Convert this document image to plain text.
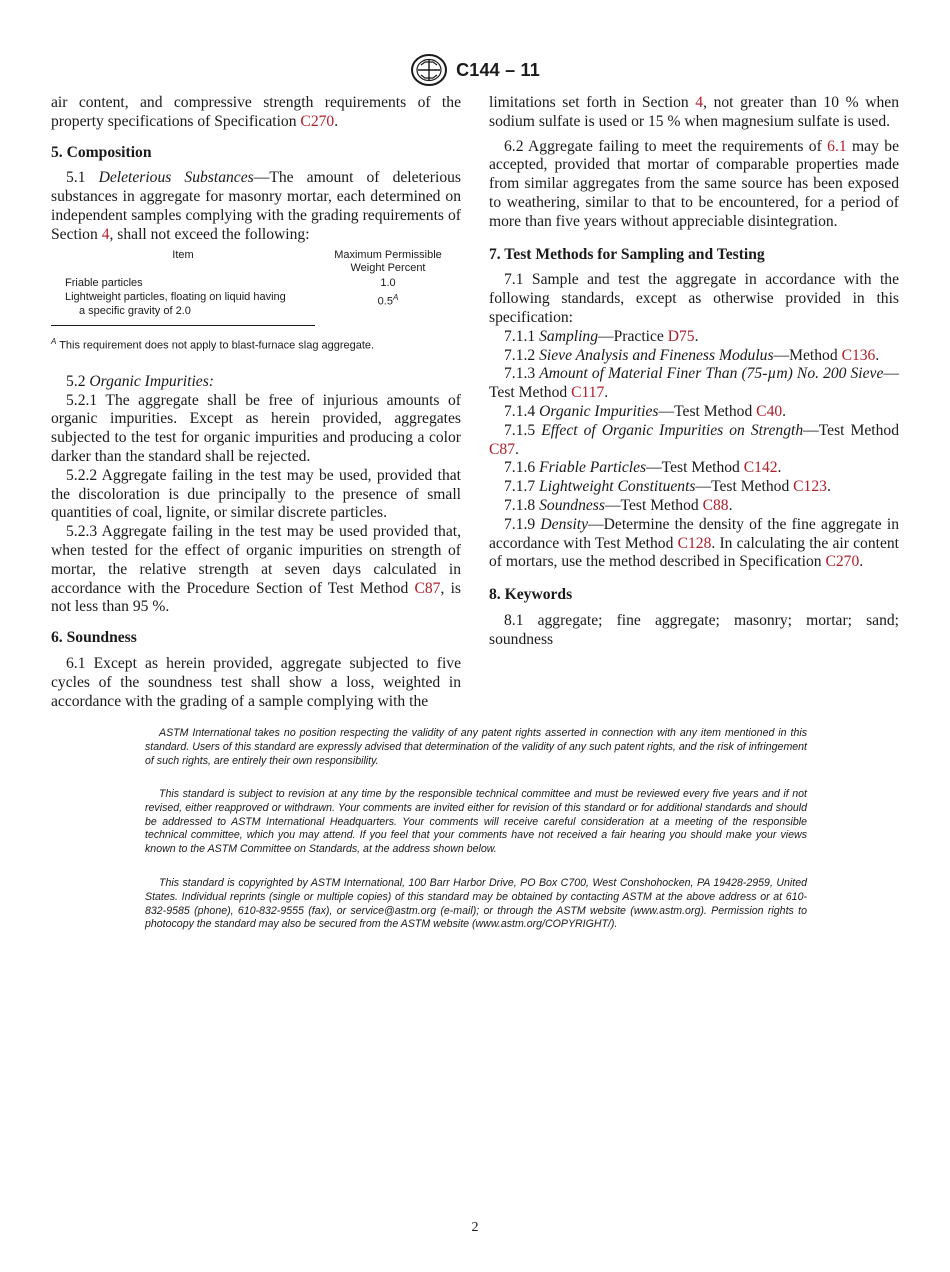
C144 – 11

air content, and compressive strength requirements of the property specifications of Specification C270.

5. Composition

5.1 Deleterious Substances—The amount of deleterious substances in aggregate for masonry mortar, each determined on independent samples complying with the grading requirements of Section 4, shall not exceed the following:

Item	Maximum Permissible
Weight Percent
Friable particles	1.0
Lightweight particles, floating on liquid having
a specific gravity of 2.0
$0.5^A$
$^A$ This requirement does not apply to blast-furnace slag aggregate.

5.2 Organic Impurities:

5.2.1 The aggregate shall be free of injurious amounts of organic impurities. Except as herein provided, aggregates subjected to the test for organic impurities and producing a color darker than the standard shall be rejected.

5.2.2 Aggregate failing in the test may be used, provided that the discoloration is due principally to the presence of small quantities of coal, lignite, or similar discrete particles.

5.2.3 Aggregate failing in the test may be used provided that, when tested for the effect of organic impurities on strength of mortar, the relative strength at seven days calculated in accordance with the Procedure Section of Test Method C87, is not less than 95 %.

6. Soundness

6.1 Except as herein provided, aggregate subjected to five cycles of the soundness test shall show a loss, weighted in accordance with the grading of a sample complying with the

limitations set forth in Section 4, not greater than 10 % when sodium sulfate is used or 15 % when magnesium sulfate is used.

6.2 Aggregate failing to meet the requirements of 6.1 may be accepted, provided that mortar of comparable properties made from similar aggregates from the same source has been exposed to weathering, similar to that to be encountered, for a period of more than five years without appreciable disintegration.

7. Test Methods for Sampling and Testing

7.1 Sample and test the aggregate in accordance with the following standards, except as otherwise provided in this specification:

7.1.1 Sampling—Practice D75.

7.1.2 Sieve Analysis and Fineness Modulus—Method C136.

7.1.3 Amount of Material Finer Than (75-µm) No. 200 Sieve—Test Method C117.

7.1.4 Organic Impurities—Test Method C40.

7.1.5 Effect of Organic Impurities on Strength—Test Method C87.

7.1.6 Friable Particles—Test Method C142.

7.1.7 Lightweight Constituents—Test Method C123.

7.1.8 Soundness—Test Method C88.

7.1.9 Density—Determine the density of the fine aggregate in accordance with Test Method C128. In calculating the air content of mortars, use the method described in Specification C270.

8. Keywords

8.1 aggregate; fine aggregate; masonry; mortar; sand; soundness

ASTM International takes no position respecting the validity of any patent rights asserted in connection with any item mentioned in this standard. Users of this standard are expressly advised that determination of the validity of any such patent rights, and the risk of infringement of such rights, are entirely their own responsibility.

This standard is subject to revision at any time by the responsible technical committee and must be reviewed every five years and if not revised, either reapproved or withdrawn. Your comments are invited either for revision of this standard or for additional standards and should be addressed to ASTM International Headquarters. Your comments will receive careful consideration at a meeting of the responsible technical committee, which you may attend. If you feel that your comments have not received a fair hearing you should make your views known to the ASTM Committee on Standards, at the address shown below.

This standard is copyrighted by ASTM International, 100 Barr Harbor Drive, PO Box C700, West Conshohocken, PA 19428-2959, United States. Individual reprints (single or multiple copies) of this standard may be obtained by contacting ASTM at the above address or at 610-832-9585 (phone), 610-832-9555 (fax), or service@astm.org (e-mail); or through the ASTM website (www.astm.org). Permission rights to photocopy the standard may also be secured from the ASTM website (www.astm.org/COPYRIGHT/).

2
